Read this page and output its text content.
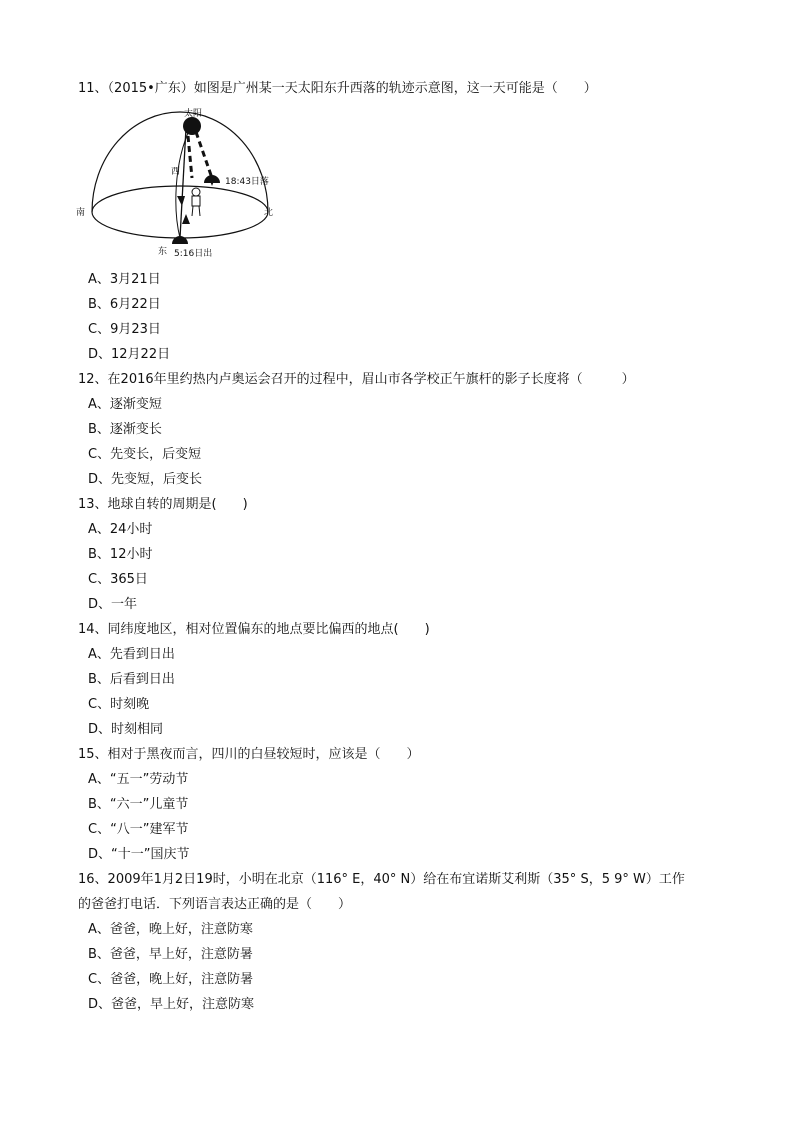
11、（2015•广东）如图是广州某一天太阳东升西落的轨迹示意图，这一天可能是（　　）
太阳
西
南	北
东
18:43日落
5:16日出
A、3月21日
B、6月22日
C、9月23日
D、12月22日
12、在2016年里约热内卢奥运会召开的过程中，眉山市各学校正午旗杆的影子长度将（　　　）
A、逐渐变短
B、逐渐变长
C、先变长，后变短
D、先变短，后变长
13、地球自转的周期是(　　)
A、24小时
B、12小时
C、365日
D、一年
14、同纬度地区，相对位置偏东的地点要比偏西的地点(　　)
A、先看到日出
B、后看到日出
C、时刻晚
D、时刻相同
15、相对于黑夜而言，四川的白昼较短时，应该是（　　）
A、“五一”劳动节
B、“六一”儿童节
C、“八一”建军节
D、“十一”国庆节
16、2009年1月2日19时，小明在北京（116° E，40° N）给在布宜诺斯艾利斯（35° S，5 9° W）工作
的爸爸打电话．下列语言表达正确的是（　　）
A、爸爸，晚上好，注意防寒
B、爸爸，早上好，注意防暑
C、爸爸，晚上好，注意防暑
D、爸爸，早上好，注意防寒
